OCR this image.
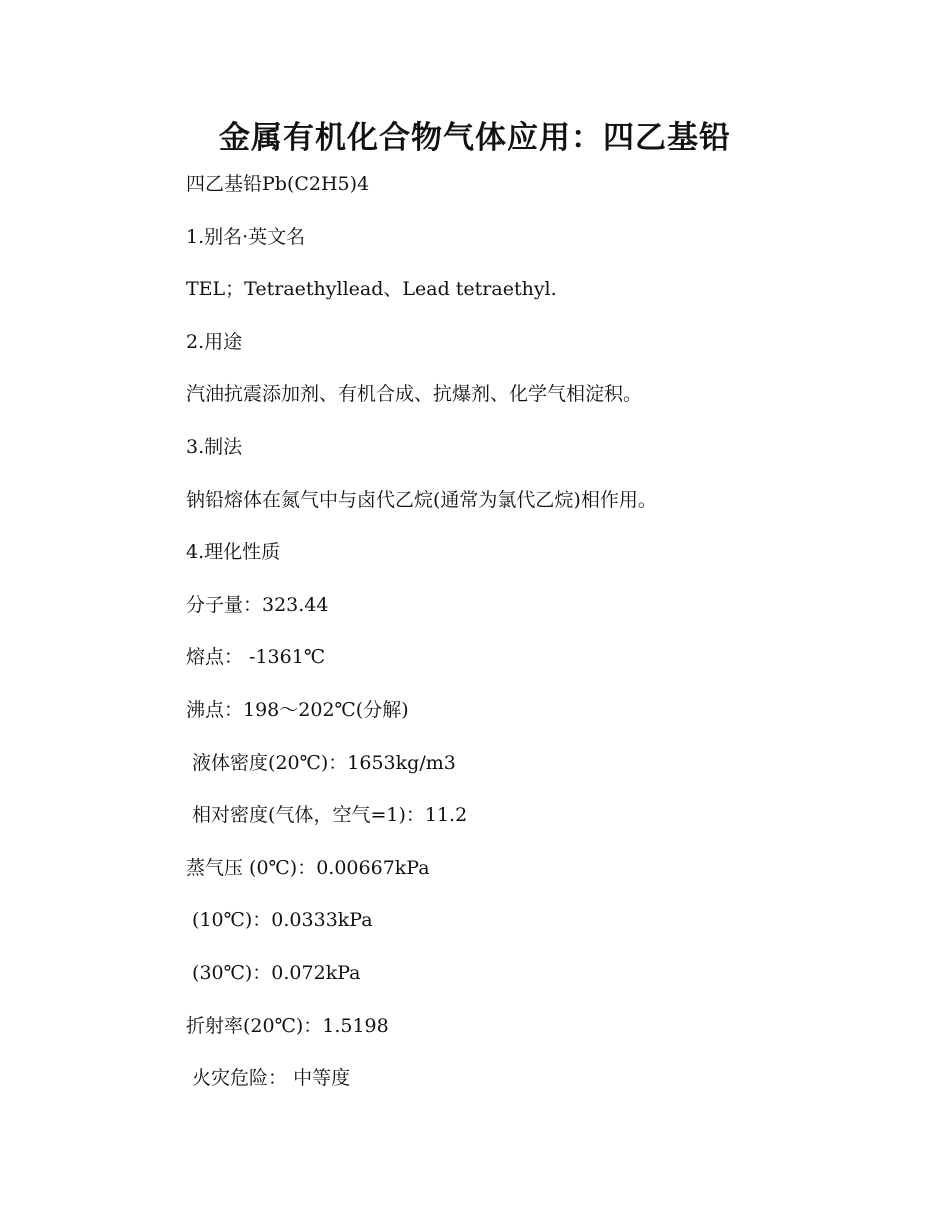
金属有机化合物气体应用：四乙基铅

四乙基铅Pb(C2H5)4

1.别名·英文名

TEL；Tetraethyllead、Lead tetraethyl.

2.用途

汽油抗震添加剂、有机合成、抗爆剂、化学气相淀积。

3.制法

钠铅熔体在氮气中与卤代乙烷(通常为氯代乙烷)相作用。

4.理化性质

分子量：323.44

熔点： -1361℃

沸点：198～202℃(分解)

液体密度(20℃)：1653kg/m3

相对密度(气体，空气=1)：11.2

蒸气压 (0℃)：0.00667kPa

(10℃)：0.0333kPa

(30℃)：0.072kPa

折射率(20℃)：1.5198

火灾危险： 中等度
